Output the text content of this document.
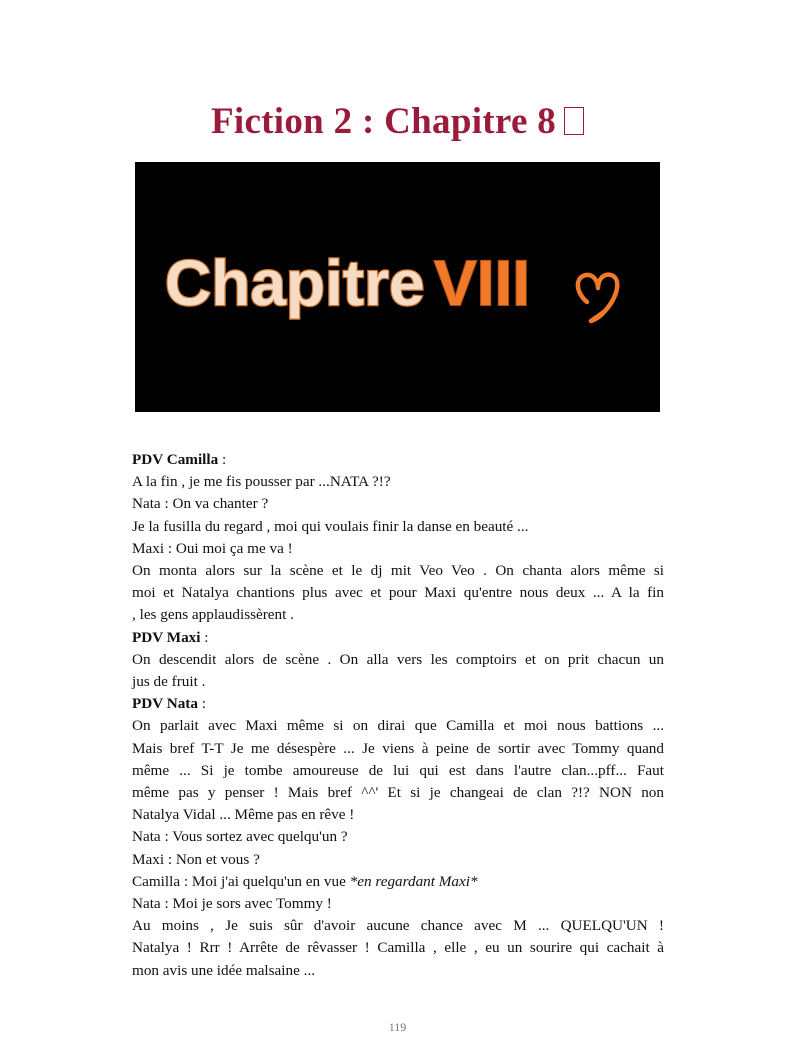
Fiction 2 : Chapitre 8
Chapitre VIII
PDV Camilla :
A la fin , je me fis pousser par ...NATA ?!?
Nata : On va chanter ?
Je la fusilla du regard , moi qui voulais finir la danse en beauté ...
Maxi : Oui moi ça me va !
On monta alors sur la scène et le dj mit Veo Veo . On chanta alors même si
moi et Natalya chantions plus avec et pour Maxi qu'entre nous deux ... A la fin
, les gens applaudissèrent .
PDV Maxi :
On descendit alors de scène . On alla vers les comptoirs et on prit chacun un
jus de fruit .
PDV Nata :
On parlait avec Maxi même si on dirai que Camilla et moi nous battions ...
Mais bref T-T Je me désespère ... Je viens à peine de sortir avec Tommy quand
même ... Si je tombe amoureuse de lui qui est dans l'autre clan...pff... Faut
même pas y penser ! Mais bref ^^' Et si je changeai de clan ?!? NON non
Natalya Vidal ... Même pas en rêve !
Nata : Vous sortez avec quelqu'un ?
Maxi : Non et vous ?
Camilla : Moi j'ai quelqu'un en vue *en regardant Maxi*
Nata : Moi je sors avec Tommy !
Au moins , Je suis sûr d'avoir aucune chance avec M ... QUELQU'UN !
Natalya ! Rrr ! Arrête de rêvasser ! Camilla , elle , eu un sourire qui cachait à
mon avis une idée malsaine ...
119
